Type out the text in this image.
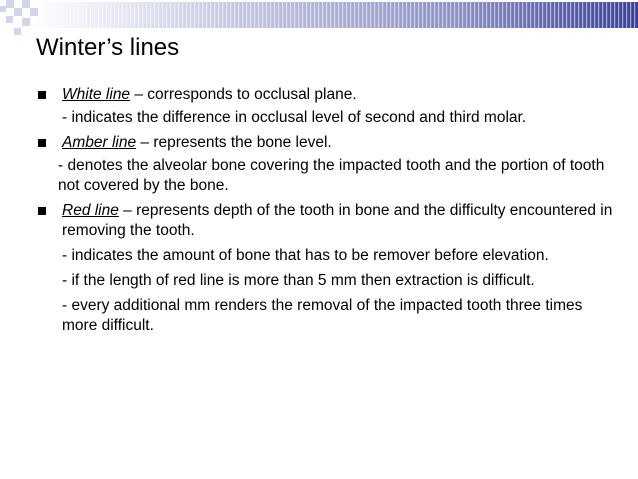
Winter’s lines
White line – corresponds to occlusal plane.
- indicates the difference in occlusal level of second and third molar.
Amber line – represents the bone level.
- denotes the alveolar bone covering the impacted tooth and the portion of tooth not covered by the bone.
Red line – represents depth of the tooth in bone and the difficulty encountered in removing the tooth.
- indicates the amount of bone that has to be remover before elevation.
- if the length of red line is more than 5 mm then extraction is difficult.
- every additional mm renders the removal of the impacted tooth three times more difficult.
